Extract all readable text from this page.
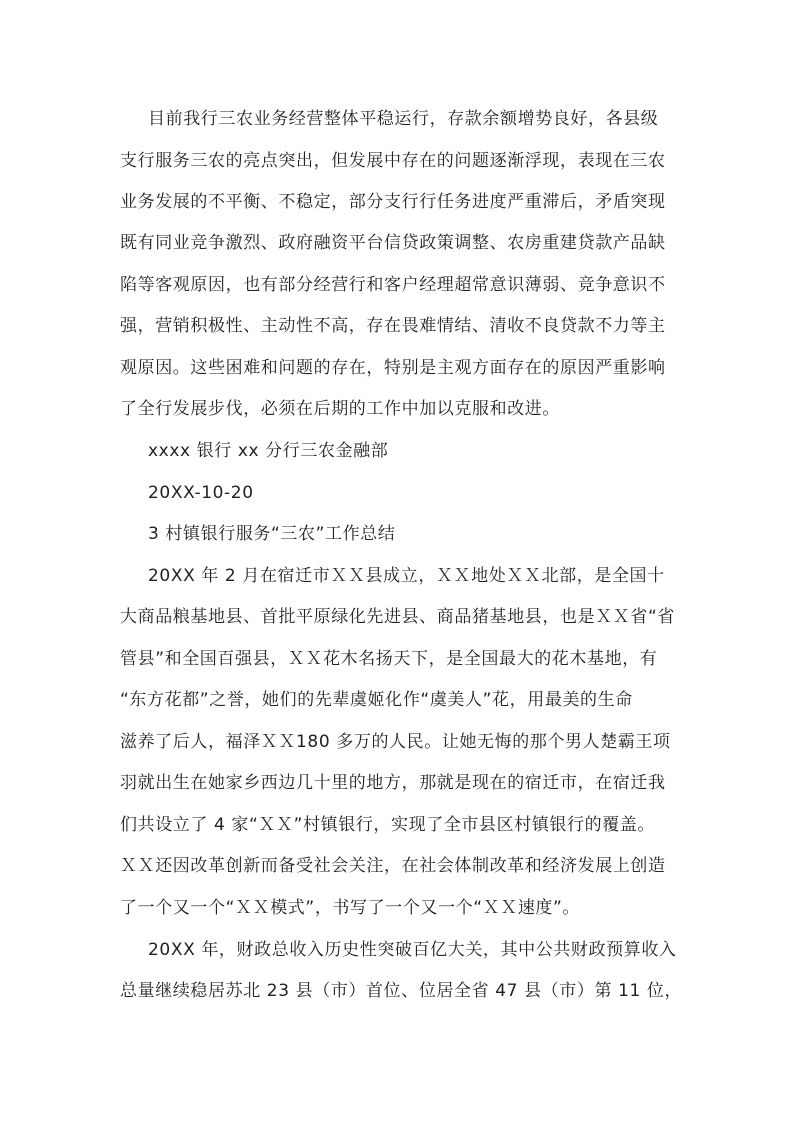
目前我行三农业务经营整体平稳运行，存款余额增势良好，各县级
支行服务三农的亮点突出，但发展中存在的问题逐渐浮现，表现在三农
业务发展的不平衡、不稳定，部分支行行任务进度严重滞后，矛盾突现
既有同业竞争激烈、政府融资平台信贷政策调整、农房重建贷款产品缺
陷等客观原因，也有部分经营行和客户经理超常意识薄弱、竞争意识不
强，营销积极性、主动性不高，存在畏难情结、清收不良贷款不力等主
观原因。这些困难和问题的存在，特别是主观方面存在的原因严重影响
了全行发展步伐，必须在后期的工作中加以克服和改进。
xxxx 银行 xx 分行三农金融部
20XX-10-20
3 村镇银行服务“三农”工作总结
20XX 年 2 月在宿迁市ＸＸ县成立，ＸＸ地处ＸＸ北部，是全国十
大商品粮基地县、首批平原绿化先进县、商品猪基地县，也是ＸＸ省“省
管县”和全国百强县，ＸＸ花木名扬天下，是全国最大的花木基地，有
“东方花都”之誉，她们的先辈虞姬化作“虞美人”花，用最美的生命
滋养了后人，福泽ＸＸ180 多万的人民。让她无悔的那个男人楚霸王项
羽就出生在她家乡西边几十里的地方，那就是现在的宿迁市，在宿迁我
们共设立了 4 家“ＸＸ”村镇银行，实现了全市县区村镇银行的覆盖。
ＸＸ还因改革创新而备受社会关注，在社会体制改革和经济发展上创造
了一个又一个“ＸＸ模式”，书写了一个又一个“ＸＸ速度”。
20XX 年，财政总收入历史性突破百亿大关，其中公共财政预算收入
总量继续稳居苏北 23 县（市）首位、位居全省 47 县（市）第 11 位，
